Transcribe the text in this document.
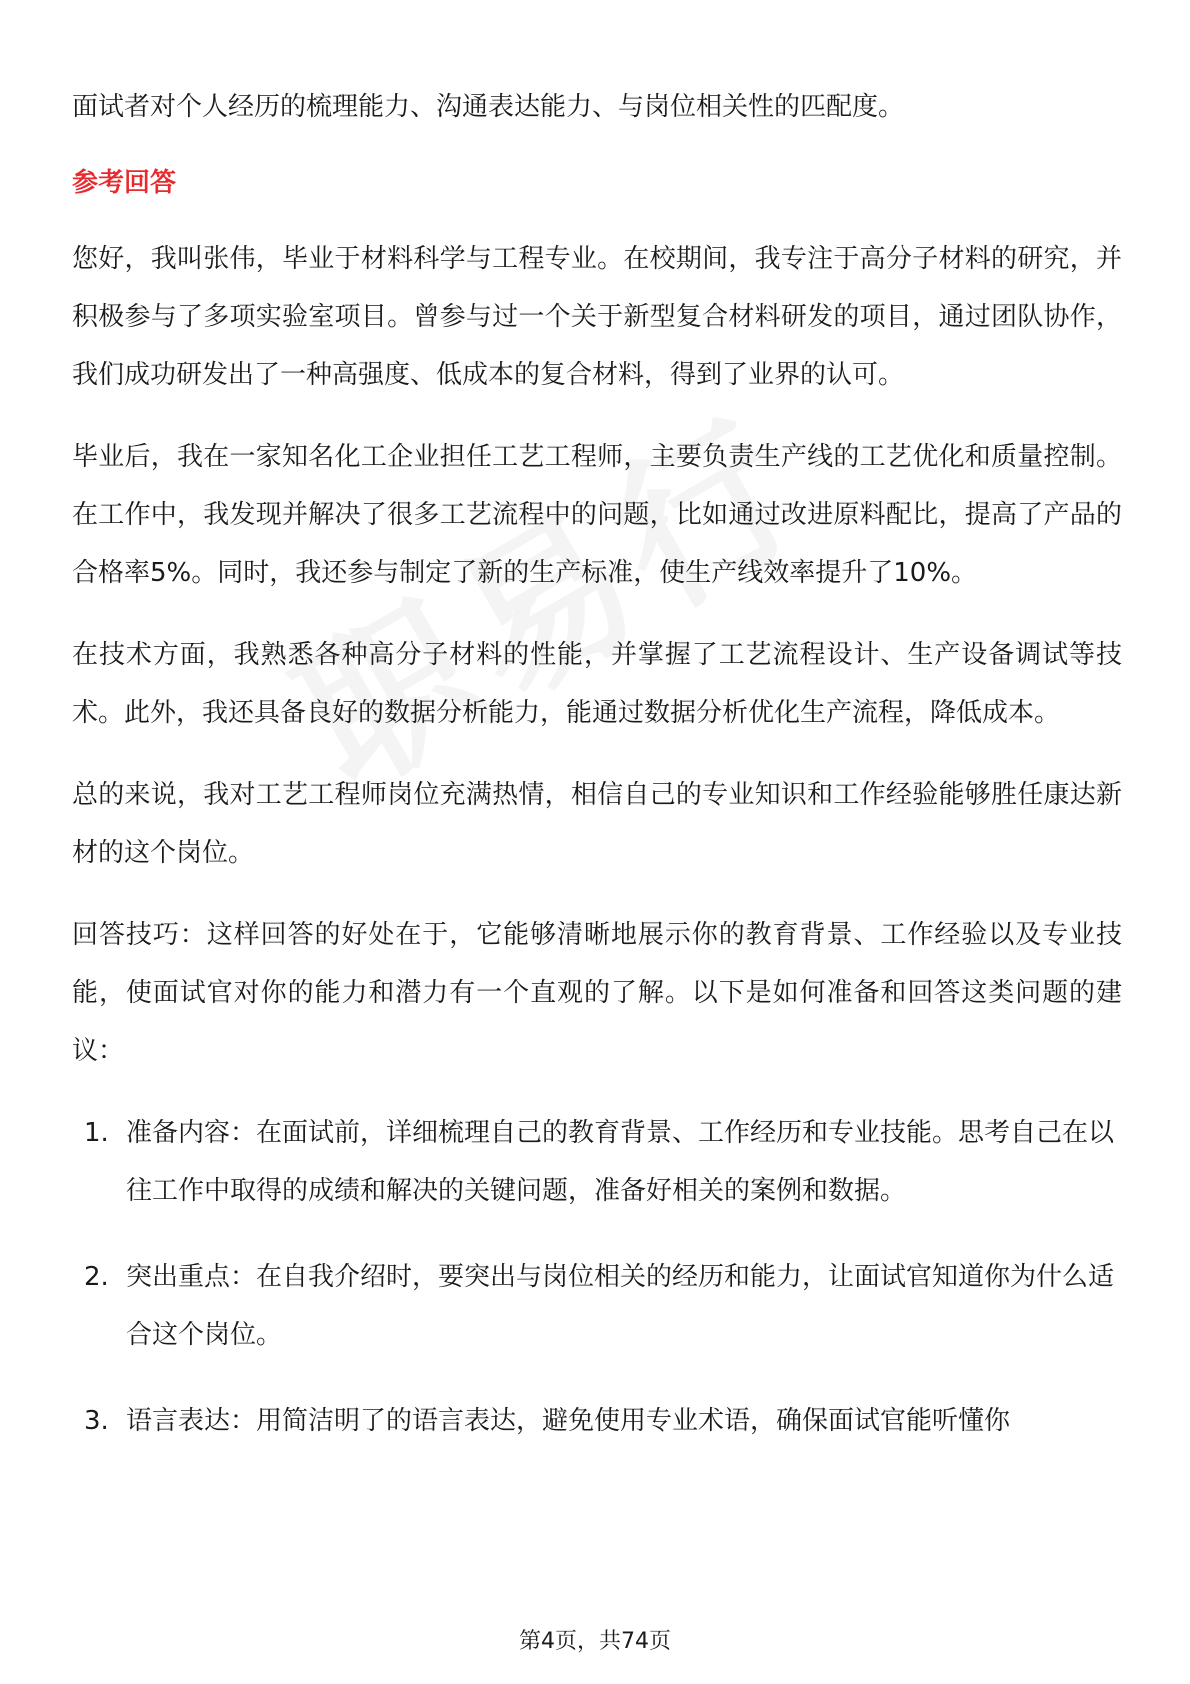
面试者对个人经历的梳理能力、沟通表达能力、与岗位相关性的匹配度。

参考回答

您好，我叫张伟，毕业于材料科学与工程专业。在校期间，我专注于高分子材料的研究，并积极参与了多项实验室项目。曾参与过一个关于新型复合材料研发的项目，通过团队协作，我们成功研发出了一种高强度、低成本的复合材料，得到了业界的认可。

毕业后，我在一家知名化工企业担任工艺工程师，主要负责生产线的工艺优化和质量控制。在工作中，我发现并解决了很多工艺流程中的问题，比如通过改进原料配比，提高了产品的合格率5%。同时，我还参与制定了新的生产标准，使生产线效率提升了10%。

在技术方面，我熟悉各种高分子材料的性能，并掌握了工艺流程设计、生产设备调试等技术。此外，我还具备良好的数据分析能力，能通过数据分析优化生产流程，降低成本。

总的来说，我对工艺工程师岗位充满热情，相信自己的专业知识和工作经验能够胜任康达新材的这个岗位。

回答技巧：这样回答的好处在于，它能够清晰地展示你的教育背景、工作经验以及专业技能，使面试官对你的能力和潜力有一个直观的了解。以下是如何准备和回答这类问题的建议：

1. 准备内容：在面试前，详细梳理自己的教育背景、工作经历和专业技能。思考自己在以往工作中取得的成绩和解决的关键问题，准备好相关的案例和数据。
2. 突出重点：在自我介绍时，要突出与岗位相关的经历和能力，让面试官知道你为什么适合这个岗位。
3. 语言表达：用简洁明了的语言表达，避免使用专业术语，确保面试官能听懂你
第4页，共74页
